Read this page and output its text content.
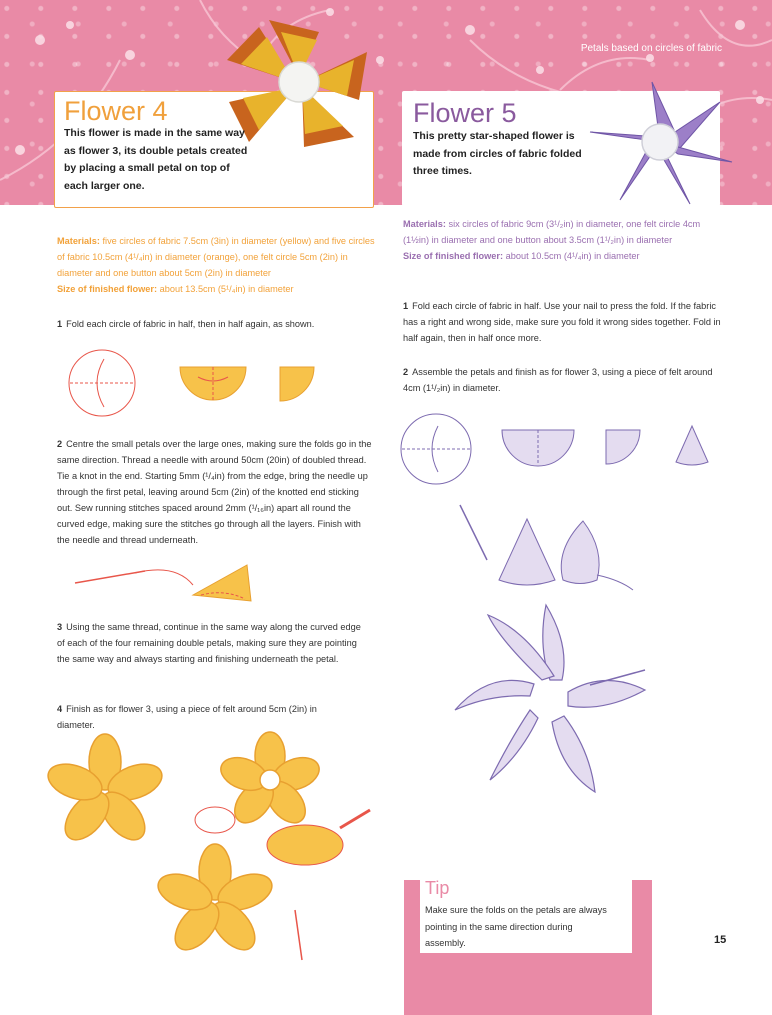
Petals based on circles of fabric
Flower 4
This flower is made in the same way as flower 3, its double petals created by placing a small petal on top of each larger one.
Flower 5
This pretty star-shaped flower is made from circles of fabric folded three times.
Materials: five circles of fabric 7.5cm (3in) in diameter (yellow) and five circles of fabric 10.5cm (4¹/₄in) in diameter (orange), one felt circle 5cm (2in) in diameter and one button about 5cm (2in) in diameter
Size of finished flower: about 13.5cm (5¹/₄in) in diameter
Materials: six circles of fabric 9cm (3¹/₂in) in diameter, one felt circle 4cm (1½in) in diameter and one button about 3.5cm (1¹/₂in) in diameter
Size of finished flower: about 10.5cm (4¹/₄in) in diameter
1 Fold each circle of fabric in half, then in half again, as shown.
2 Centre the small petals over the large ones, making sure the folds go in the same direction. Thread a needle with around 50cm (20in) of doubled thread. Tie a knot in the end. Starting 5mm (¹/₄in) from the edge, bring the needle up through the first petal, leaving around 5cm (2in) of the knotted end sticking out. Sew running stitches spaced around 2mm (¹/₁₆in) apart all round the curved edge, making sure the stitches go through all the layers. Finish with the needle and thread underneath.
3 Using the same thread, continue in the same way along the curved edge of each of the four remaining double petals, making sure they are pointing the same way and always starting and finishing underneath the petal.
4 Finish as for flower 3, using a piece of felt around 5cm (2in) in diameter.
1 Fold each circle of fabric in half. Use your nail to press the fold. If the fabric has a right and wrong side, make sure you fold it wrong sides together. Fold in half again, then in half once more.
2 Assemble the petals and finish as for flower 3, using a piece of felt around 4cm (1¹/₂in) in diameter.
Tip
Make sure the folds on the petals are always pointing in the same direction during assembly.	15
